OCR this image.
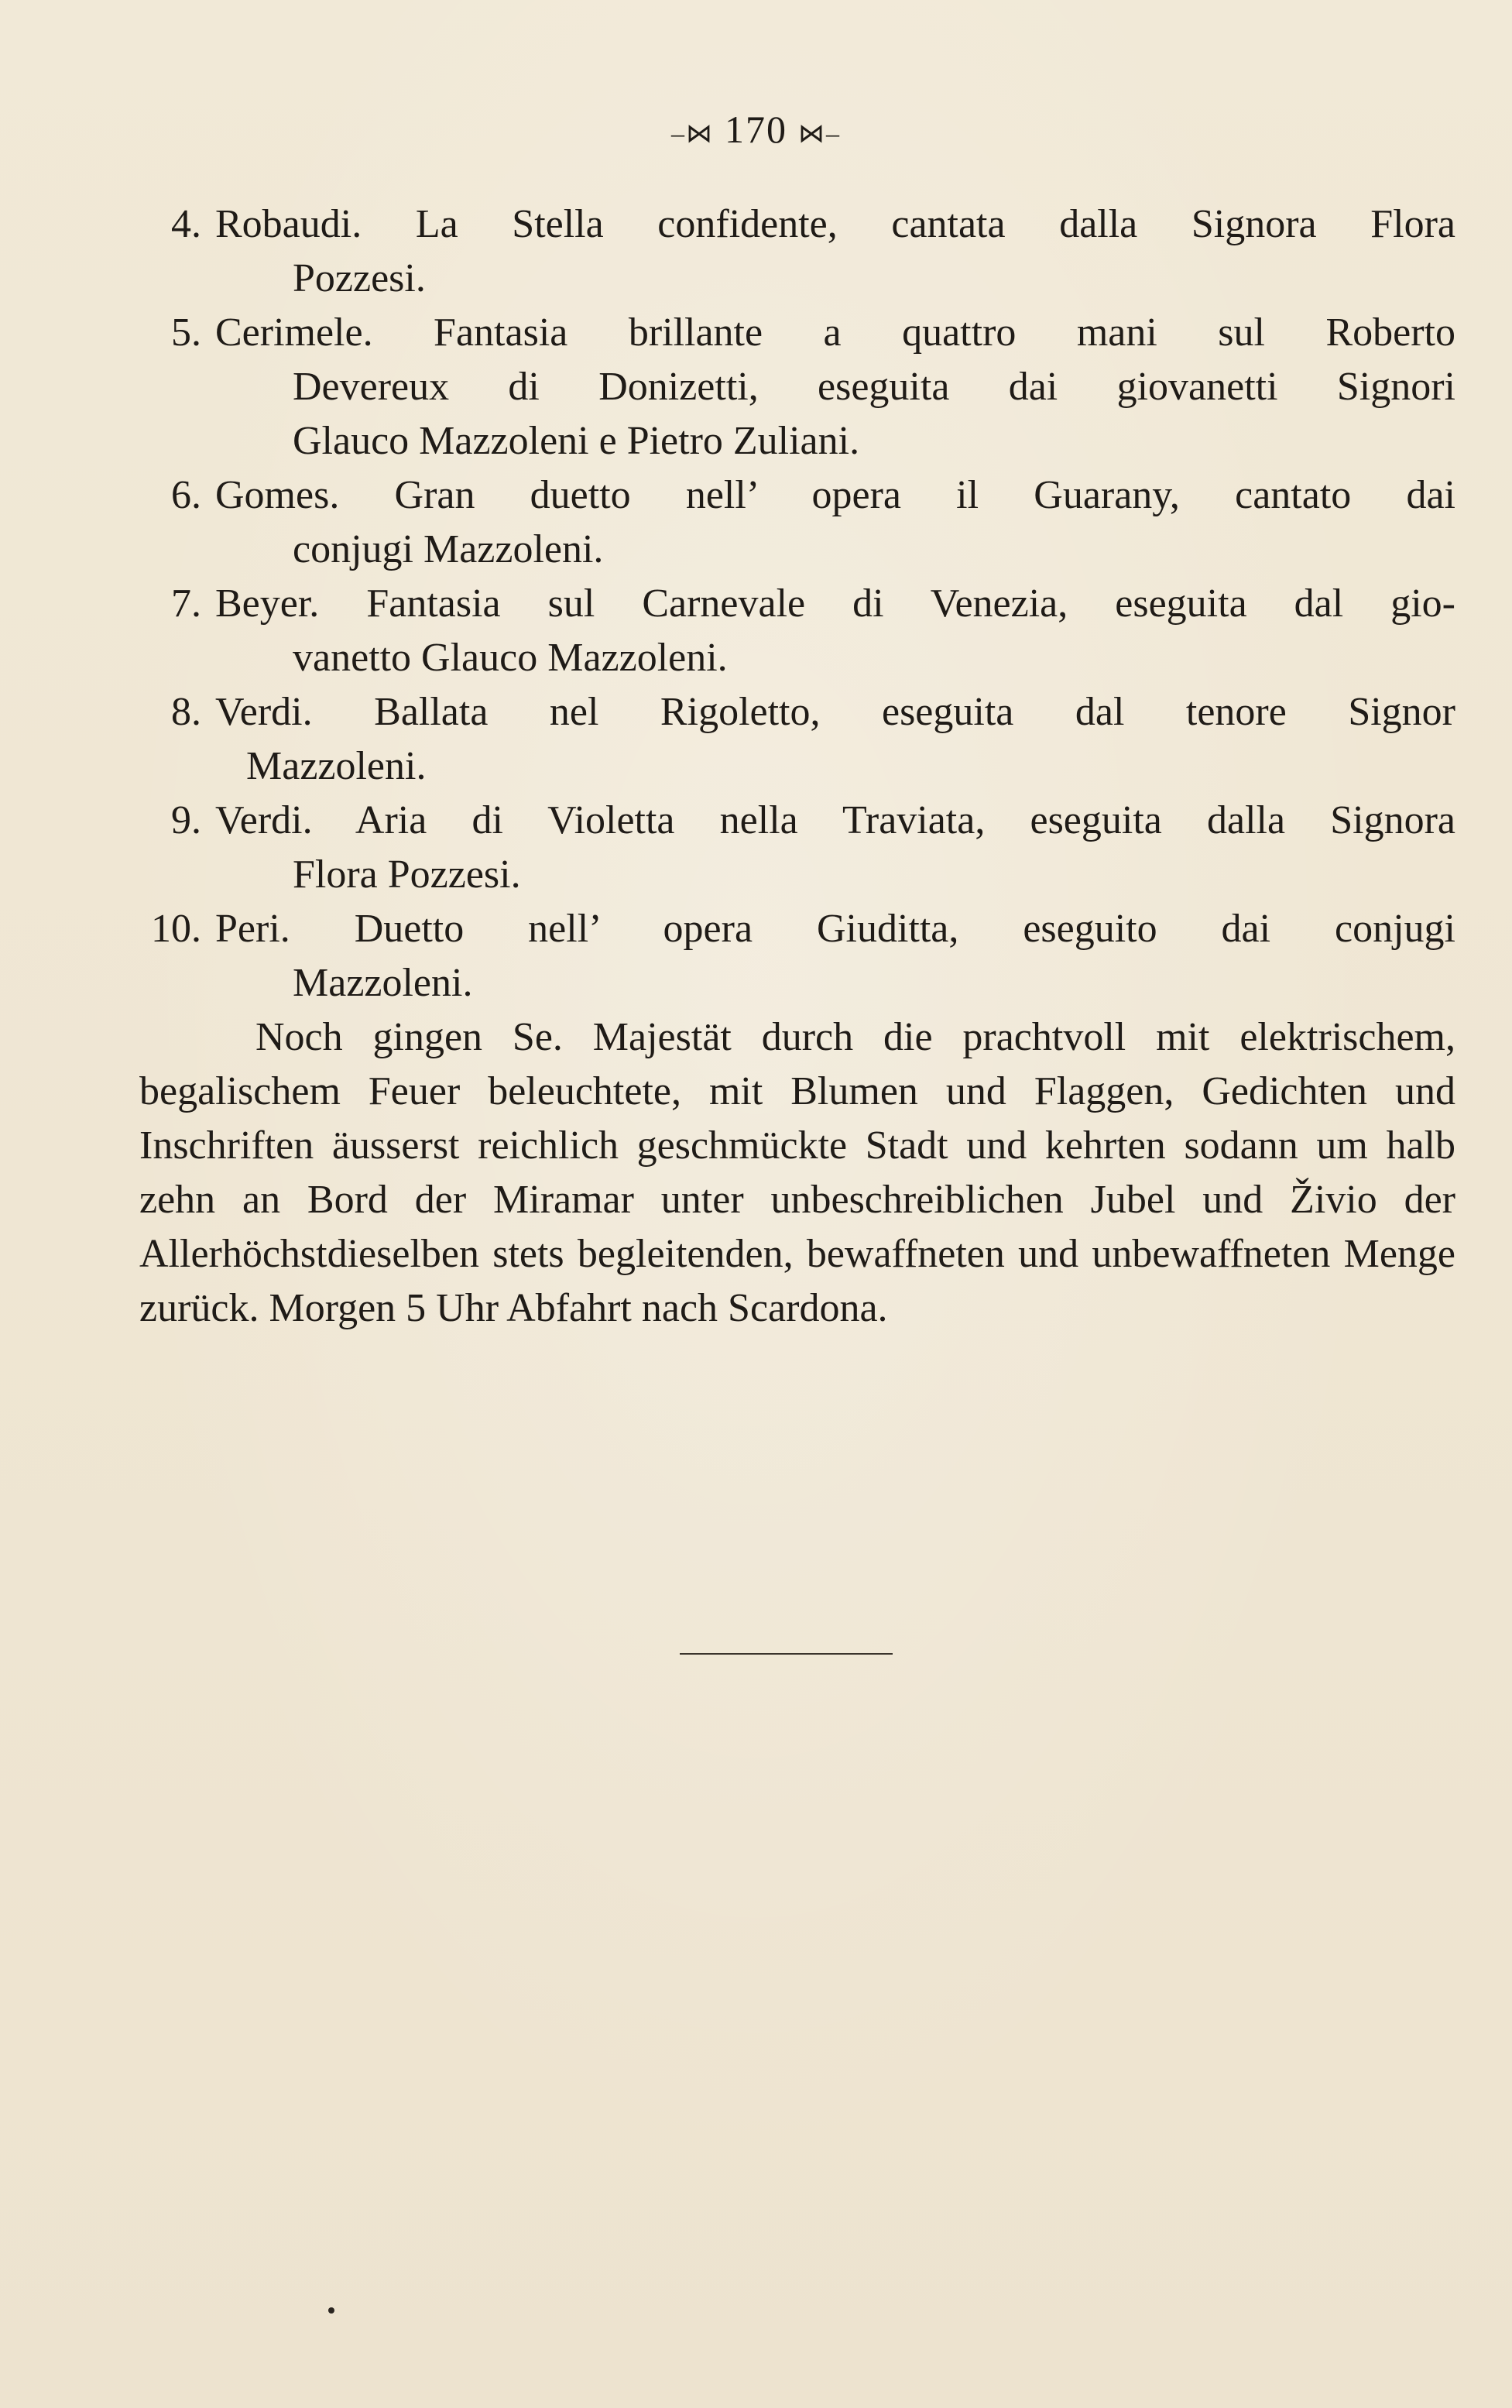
–⋈ 170 ⋈–
4. Robaudi. La Stella confidente, cantata dalla Signora Flora
Pozzesi.
5. Cerimele. Fantasia brillante a quattro mani sul Roberto
Devereux di Donizetti, eseguita dai giovanetti Signori
Glauco Mazzoleni e Pietro Zuliani.
6. Gomes. Gran duetto nell’ opera il Guarany, cantato dai
conjugi Mazzoleni.
7. Beyer. Fantasia sul Carnevale di Venezia, eseguita dal gio-
vanetto Glauco Mazzoleni.
8. Verdi. Ballata nel Rigoletto, eseguita dal tenore Signor
Mazzoleni.
9. Verdi. Aria di Violetta nella Traviata, eseguita dalla Signora
Flora Pozzesi.
10. Peri. Duetto nell’ opera Giuditta, eseguito dai conjugi
Mazzoleni.

Noch gingen Se. Majestät durch die prachtvoll mit elektrischem, begalischem Feuer beleuchtete, mit Blumen und Flaggen, Gedichten und Inschriften äusserst reichlich geschmückte Stadt und kehrten sodann um halb zehn an Bord der Miramar unter unbeschreiblichen Jubel und Živio der Allerhöchstdieselben stets begleitenden, bewaffneten und unbewaffneten Menge zurück. Morgen 5 Uhr Abfahrt nach Scardona.
